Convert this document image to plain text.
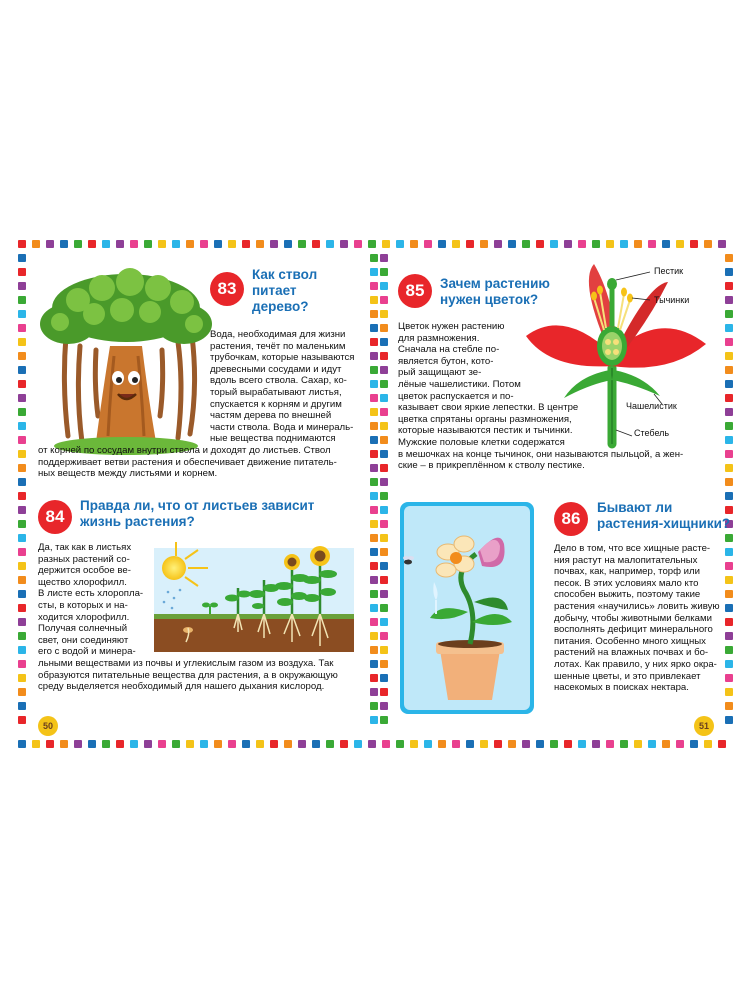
83
Как ствол
питает
дерево?
Вода, необходимая для жизни
растения, течёт по маленьким
трубочкам, которые называются
древесными сосудами и идут
вдоль всего ствола. Сахар, ко-
торый вырабатывают листья,
спускается к корням и другим
частям дерева по внешней
части ствола. Вода и минераль-
ные вещества поднимаются
от корней по сосудам внутри ствола и доходят до листьев. Ствол
поддерживает ветви растения и обеспечивает движение питатель-
ных веществ между листьями и корнем.
84
Правда ли, что от листьев зависит
жизнь растения?
Да, так как в листьях
разных растений со-
держится особое ве-
щество хлорофилл.
В листе есть хлоропла-
сты, в которых и на-
ходится хлорофилл.
Получая солнечный
свет, они соединяют
его с водой и минера-
льными веществами из почвы и углекислым газом из воздуха. Так
образуются питательные вещества для растения, а в окружающую
среду выделяется необходимый для нашего дыхания кислород.
50
85	Зачем растению
нужен цветок?
Цветок нужен растению
для размножения.
Сначала на стебле по-
является бутон, кото-
рый защищают зе-
лёные чашелистики. Потом
цветок распускается и по-
казывает свои яркие лепестки. В центре
цветка спрятаны органы размножения,
которые называются пестик и тычинки.
Мужские половые клетки содержатся
в мешочках на конце тычинок, они называются пыльцой, а жен-
ские – в прикреплённом к стволу пестике.
Пестик
Тычинки
Чашелистик
Стебель
86
Бывают ли
растения-хищники?
Дело в том, что все хищные расте-
ния растут на малопитательных
почвах, как, например, торф или
песок. В этих условиях мало кто
способен выжить, поэтому такие
растения «научились» ловить живую
добычу, чтобы животными белками
восполнять дефицит минерального
питания. Особенно много хищных
растений на влажных почвах и бо-
лотах. Как правило, у них ярко окра-
шенные цветы, и это привлекает
насекомых в поисках нектара.
51
